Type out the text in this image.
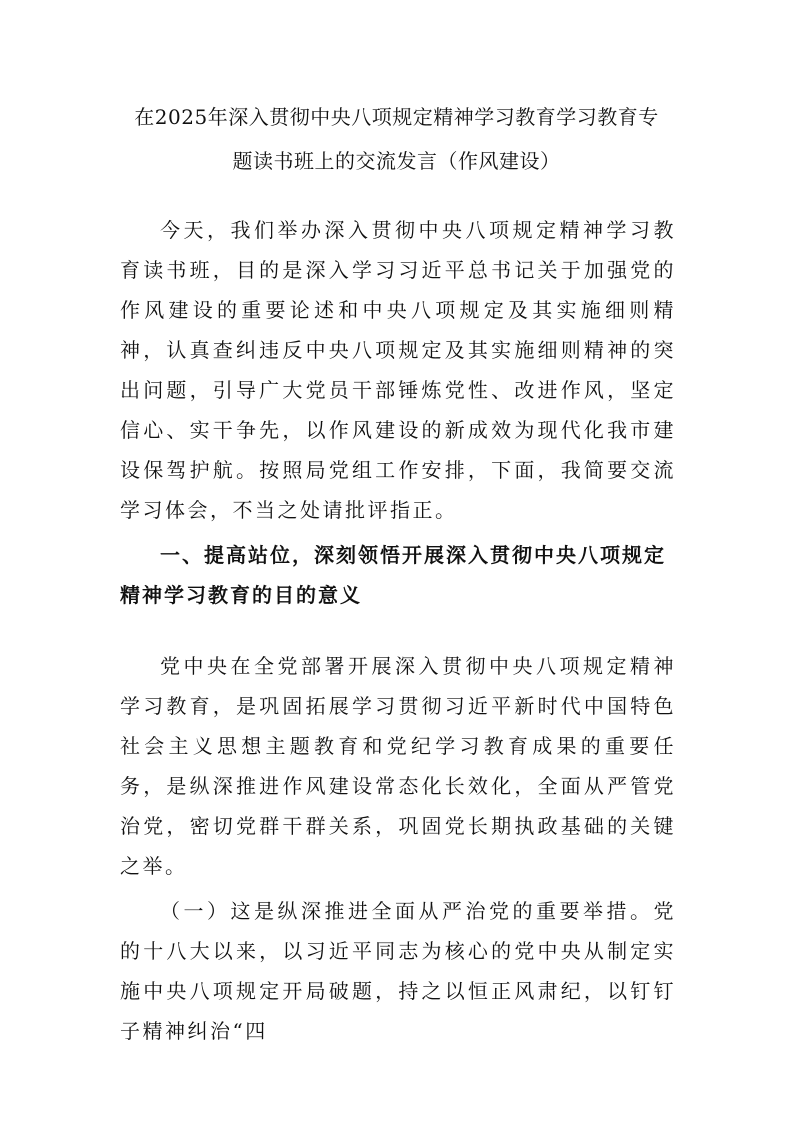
在2025年深入贯彻中央八项规定精神学习教育学习教育专
题读书班上的交流发言（作风建设）
今天，我们举办深入贯彻中央八项规定精神学习教育读书班，目的是深入学习习近平总书记关于加强党的作风建设的重要论述和中央八项规定及其实施细则精神，认真查纠违反中央八项规定及其实施细则精神的突出问题，引导广大党员干部锤炼党性、改进作风，坚定信心、实干争先，以作风建设的新成效为现代化我市建设保驾护航。按照局党组工作安排，下面，我简要交流学习体会，不当之处请批评指正。
一、提高站位，深刻领悟开展深入贯彻中央八项规定精神学习教育的目的意义
党中央在全党部署开展深入贯彻中央八项规定精神学习教育，是巩固拓展学习贯彻习近平新时代中国特色社会主义思想主题教育和党纪学习教育成果的重要任务，是纵深推进作风建设常态化长效化，全面从严管党治党，密切党群干群关系，巩固党长期执政基础的关键之举。
（一）这是纵深推进全面从严治党的重要举措。党的十八大以来，以习近平同志为核心的党中央从制定实施中央八项规定开局破题，持之以恒正风肃纪，以钉钉子精神纠治“四
